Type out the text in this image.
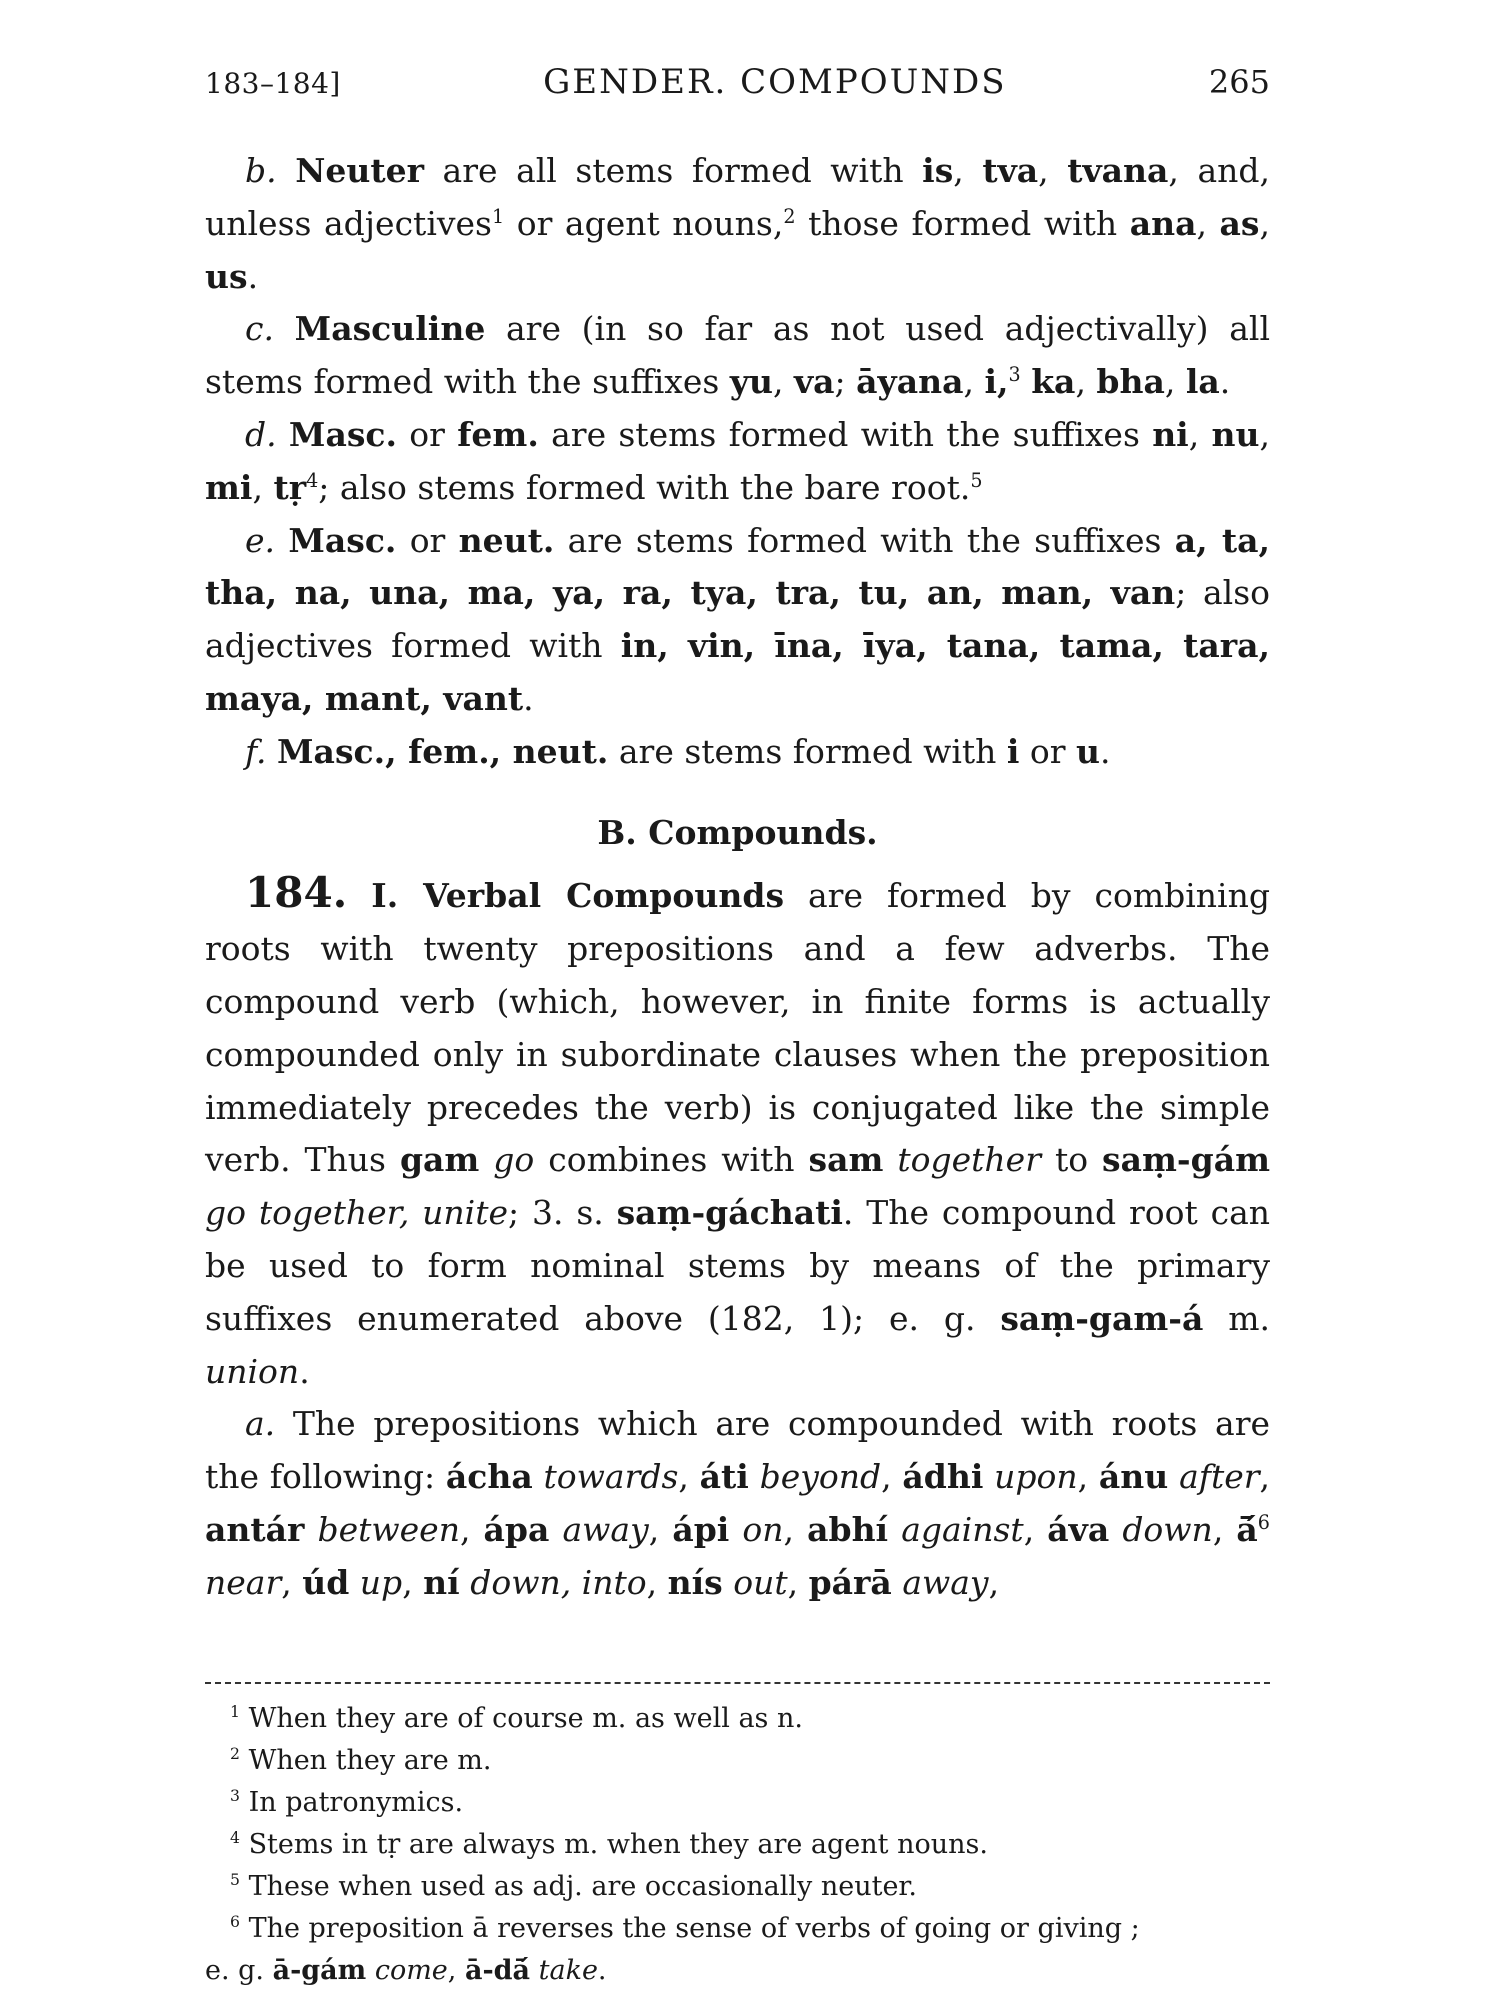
183–184]	GENDER. COMPOUNDS	265

b. Neuter are all stems formed with is, tva, tvana, and, unless adjectives$^1$ or agent nouns,$^2$ those formed with ana, as, us.

c. Masculine are (in so far as not used adjectivally) all stems formed with the suffixes yu, va; āyana, i,$^3$ ka, bha, la.

d. Masc. or fem. are stems formed with the suffixes ni, nu, mi, tṛ$^4$; also stems formed with the bare root.$^5$

e. Masc. or neut. are stems formed with the suffixes a, ta, tha, na, una, ma, ya, ra, tya, tra, tu, an, man, van; also adjectives formed with in, vin, īna, īya, tana, tama, tara, maya, mant, vant.

f. Masc., fem., neut. are stems formed with i or u.

B. Compounds.

184. I. Verbal Compounds are formed by combining roots with twenty prepositions and a few adverbs. The compound verb (which, however, in finite forms is actually compounded only in subordinate clauses when the preposition immediately precedes the verb) is conjugated like the simple verb. Thus gam go combines with sam together to saṃ-gám go together, unite; 3. s. saṃ-gáchati. The compound root can be used to form nominal stems by means of the primary suffixes enumerated above (182, 1); e. g. saṃ-gam-á m. union.

a. The prepositions which are compounded with roots are the following: ácha towards, áti beyond, ádhi upon, ánu after, antár between, ápa away, ápi on, abhí against, áva down, ā́$^6$ near, úd up, ní down, into, nís out, párā away,

$^1$ When they are of course m. as well as n.
$^2$ When they are m.
$^3$ In patronymics.
$^4$ Stems in tṛ are always m. when they are agent nouns.
$^5$ These when used as adj. are occasionally neuter.
$^6$ The preposition ā reverses the sense of verbs of going or giving ;
e. g. ā-gám come, ā-dā́ take.
